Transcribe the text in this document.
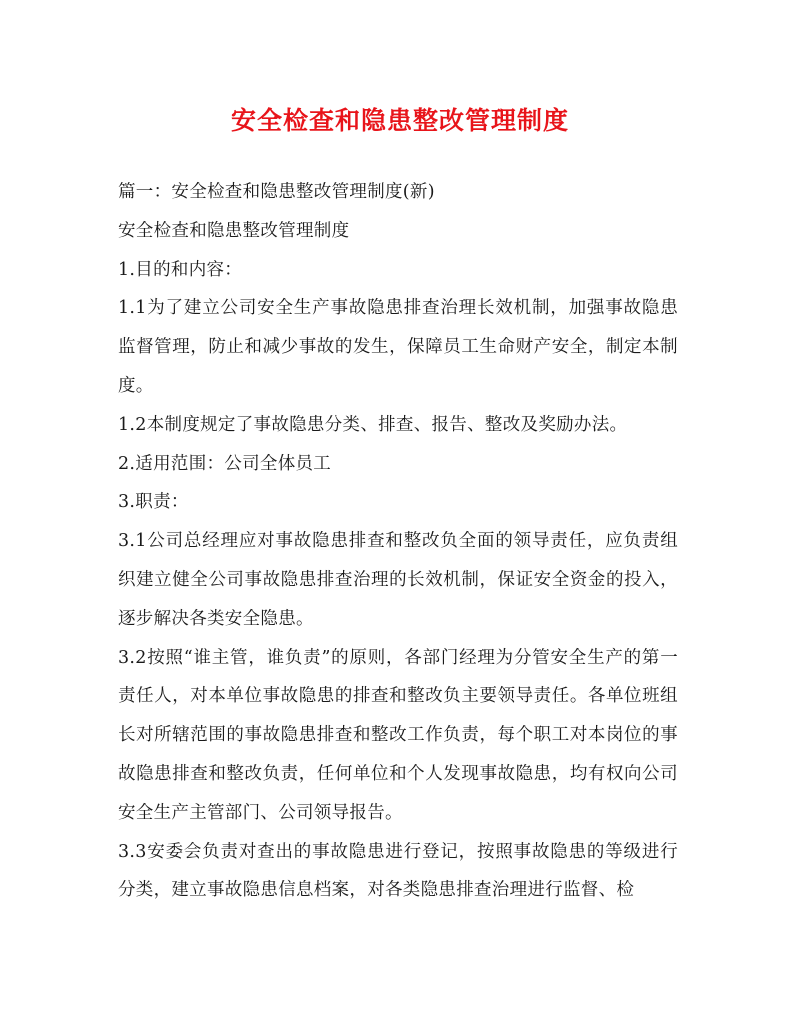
安全检查和隐患整改管理制度

篇一：安全检查和隐患整改管理制度(新)

安全检查和隐患整改管理制度

1.目的和内容：

1.1为了建立公司安全生产事故隐患排查治理长效机制，加强事故隐患监督管理，防止和减少事故的发生，保障员工生命财产安全，制定本制度。

1.2本制度规定了事故隐患分类、排查、报告、整改及奖励办法。

2.适用范围：公司全体员工

3.职责：

3.1公司总经理应对事故隐患排查和整改负全面的领导责任，应负责组织建立健全公司事故隐患排查治理的长效机制，保证安全资金的投入，逐步解决各类安全隐患。

3.2按照“谁主管，谁负责”的原则，各部门经理为分管安全生产的第一责任人，对本单位事故隐患的排查和整改负主要领导责任。各单位班组长对所辖范围的事故隐患排查和整改工作负责，每个职工对本岗位的事故隐患排查和整改负责，任何单位和个人发现事故隐患，均有权向公司安全生产主管部门、公司领导报告。

3.3安委会负责对查出的事故隐患进行登记，按照事故隐患的等级进行分类，建立事故隐患信息档案，对各类隐患排查治理进行监督、检
